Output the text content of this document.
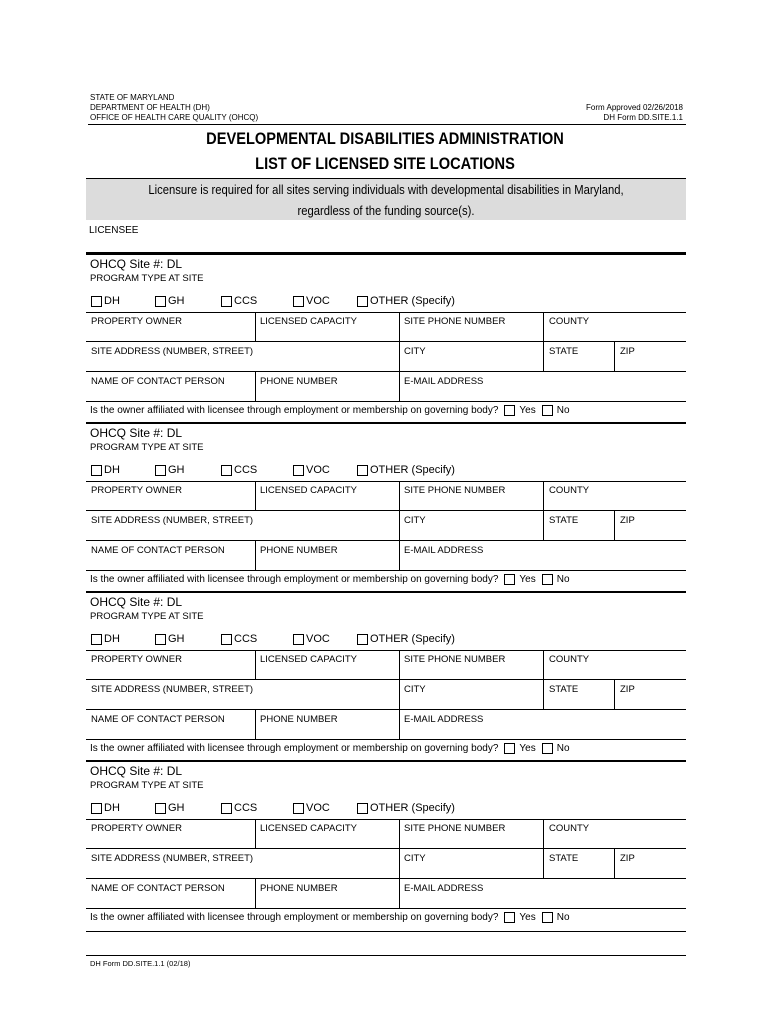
STATE OF MARYLAND
DEPARTMENT OF HEALTH (DH)
OFFICE OF HEALTH CARE QUALITY (OHCQ)
Form Approved 02/26/2018
DH Form DD.SITE.1.1
DEVELOPMENTAL DISABILITIES ADMINISTRATION
LIST OF LICENSED SITE LOCATIONS
Licensure is required for all sites serving individuals with developmental disabilities in Maryland,
regardless of the funding source(s).
LICENSEE
OHCQ Site #: DL
PROGRAM TYPE AT SITE
DH	GH	CCS	VOC	OTHER (Specify)
PROPERTY OWNER	LICENSED CAPACITY	SITE PHONE NUMBER	COUNTY
SITE ADDRESS (NUMBER, STREET)	CITY	STATE	ZIP
NAME OF CONTACT PERSON	PHONE NUMBER	E-MAIL ADDRESS
Is the owner affiliated with licensee through employment or membership on governing body? Yes No
OHCQ Site #: DL
PROGRAM TYPE AT SITE
DH	GH	CCS	VOC	OTHER (Specify)
PROPERTY OWNER	LICENSED CAPACITY	SITE PHONE NUMBER	COUNTY
SITE ADDRESS (NUMBER, STREET)	CITY	STATE	ZIP
NAME OF CONTACT PERSON	PHONE NUMBER	E-MAIL ADDRESS
Is the owner affiliated with licensee through employment or membership on governing body? Yes No
OHCQ Site #: DL
PROGRAM TYPE AT SITE
DH	GH	CCS	VOC	OTHER (Specify)
PROPERTY OWNER	LICENSED CAPACITY	SITE PHONE NUMBER	COUNTY
SITE ADDRESS (NUMBER, STREET)	CITY	STATE	ZIP
NAME OF CONTACT PERSON	PHONE NUMBER	E-MAIL ADDRESS
Is the owner affiliated with licensee through employment or membership on governing body? Yes No
OHCQ Site #: DL
PROGRAM TYPE AT SITE
DH	GH	CCS	VOC	OTHER (Specify)
PROPERTY OWNER	LICENSED CAPACITY	SITE PHONE NUMBER	COUNTY
SITE ADDRESS (NUMBER, STREET)	CITY	STATE	ZIP
NAME OF CONTACT PERSON	PHONE NUMBER	E-MAIL ADDRESS
Is the owner affiliated with licensee through employment or membership on governing body? Yes No
DH Form DD.SITE.1.1 (02/18)
